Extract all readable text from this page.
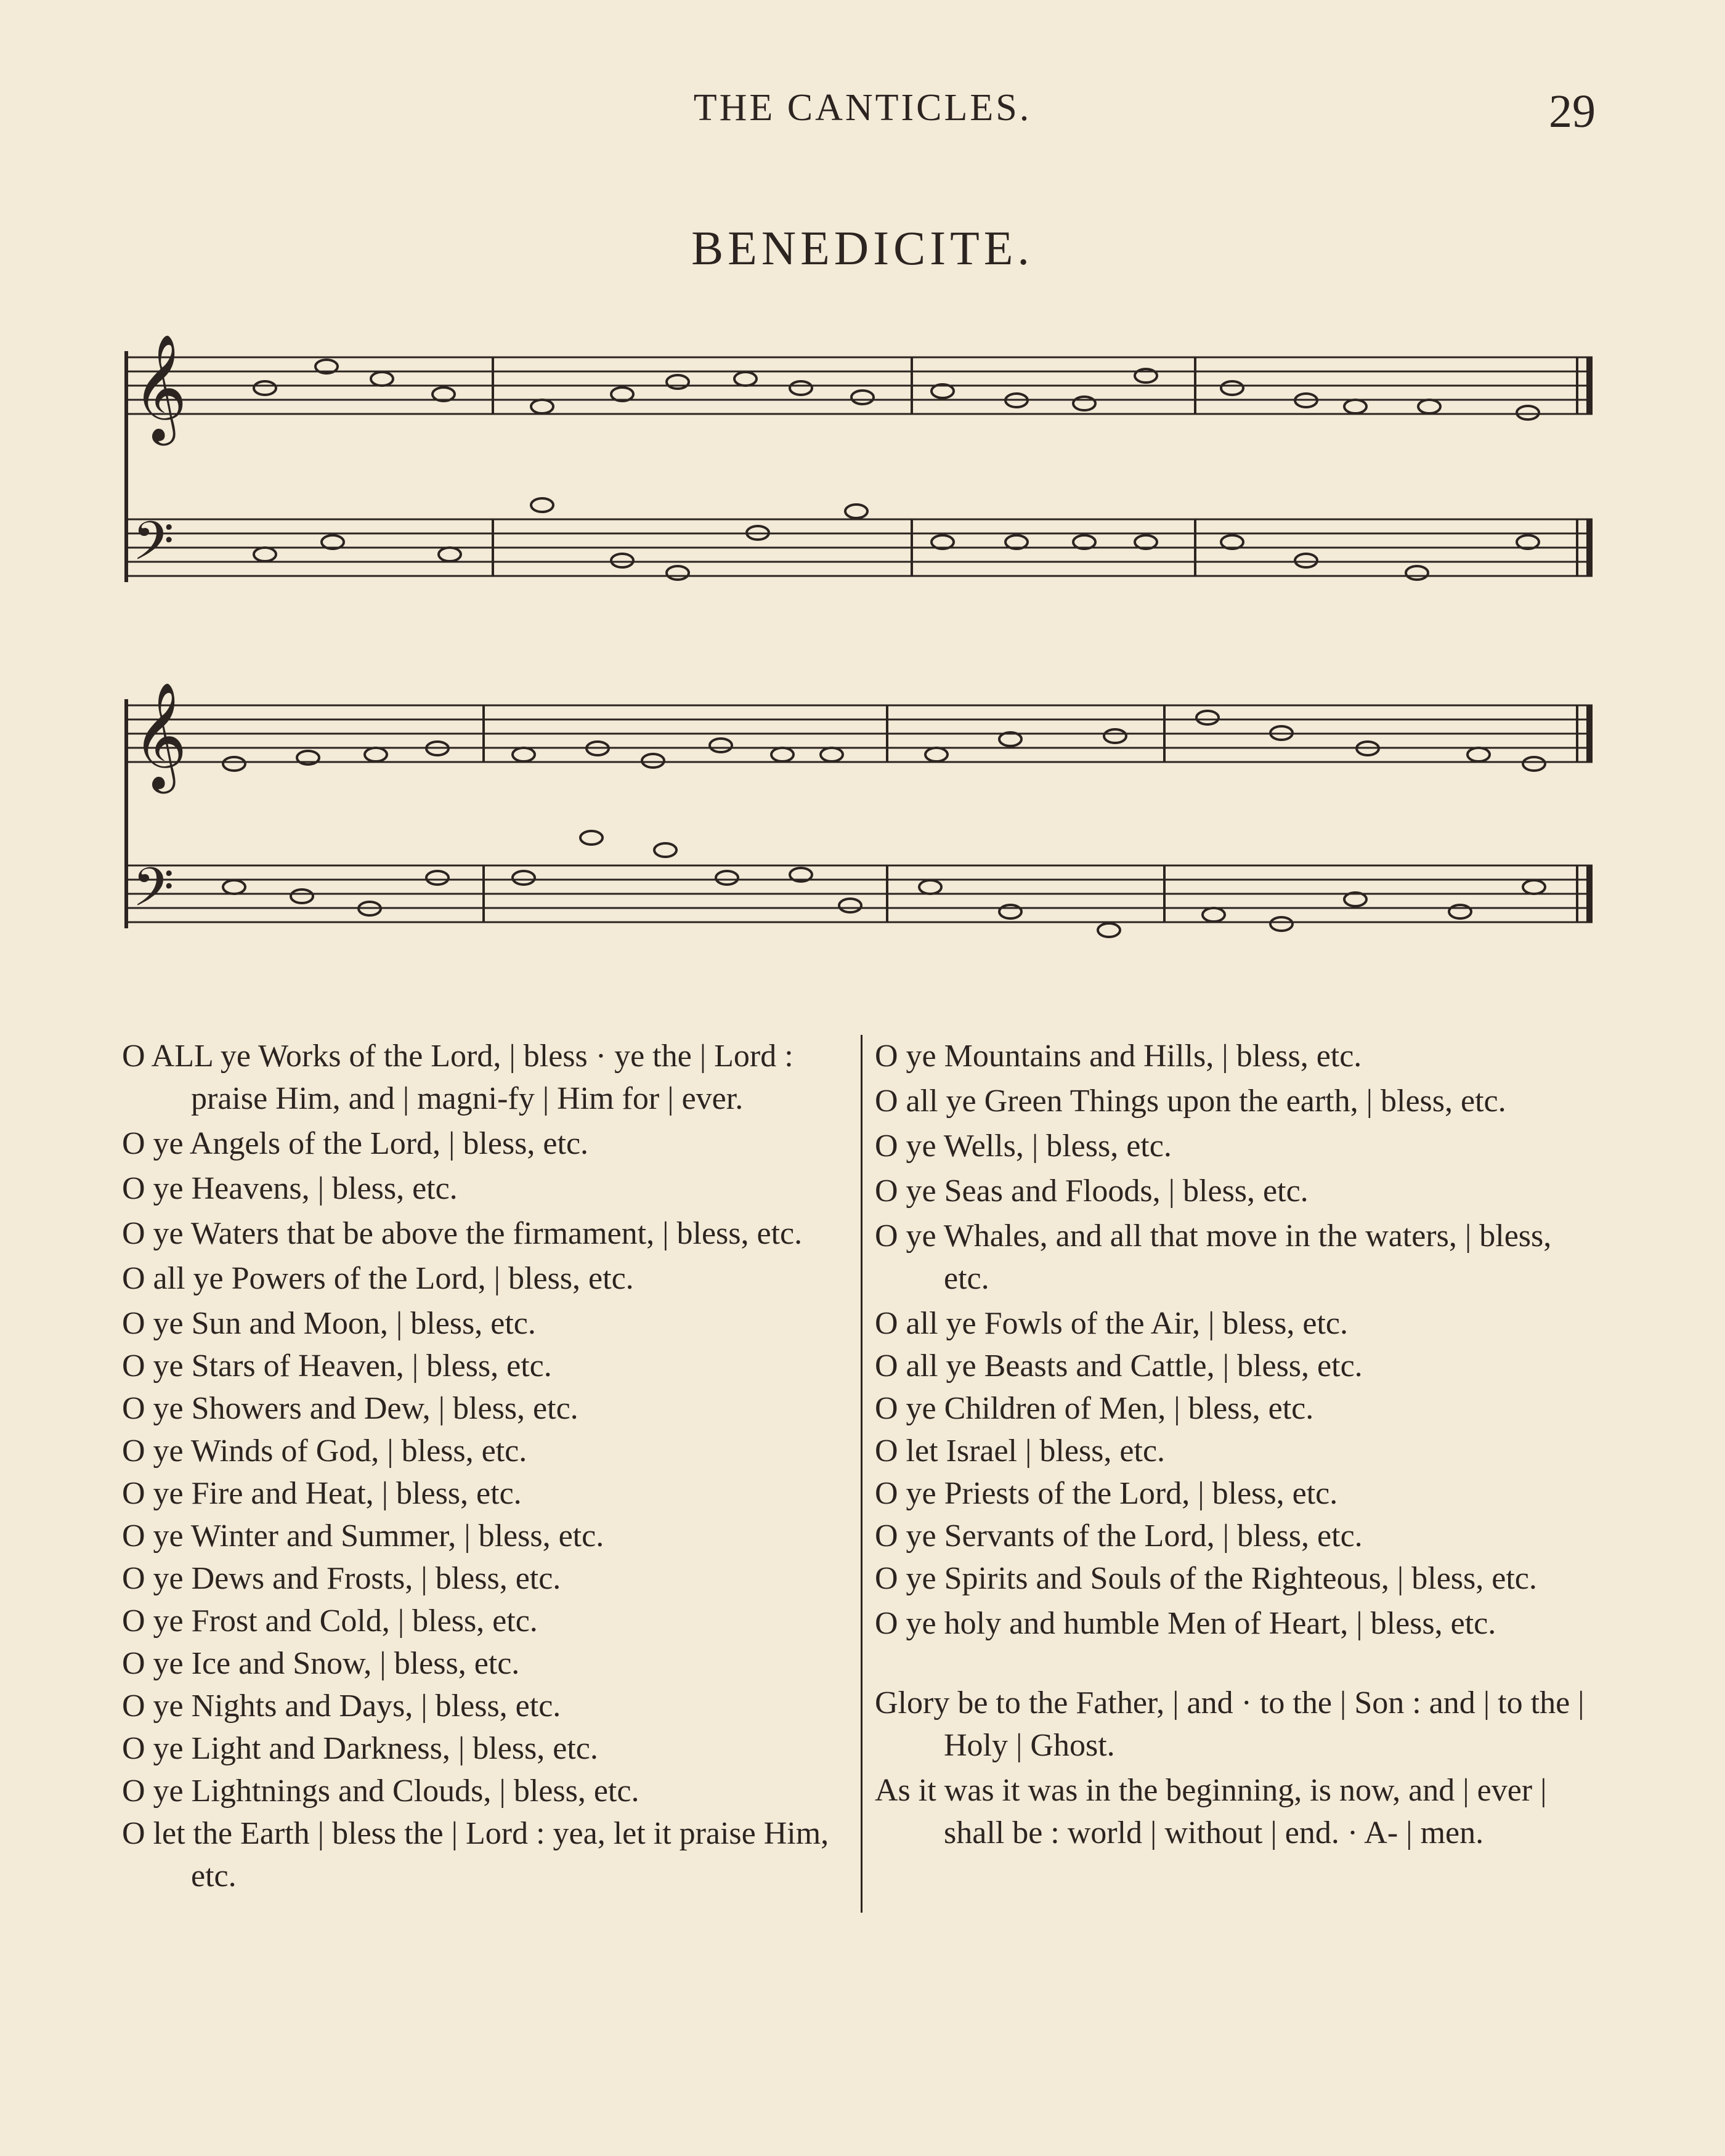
THE CANTICLES.	29
BENEDICITE.
𝄞
𝄢
𝄞
𝄢
O ALL ye Works of the Lord, | bless · ye the | Lord : praise Him, and | magni-fy | Him for | ever.
O ye Angels of the Lord, | bless, etc.
O ye Heavens, | bless, etc.
O ye Waters that be above the firmament, | bless, etc.
O all ye Powers of the Lord, | bless, etc.
O ye Sun and Moon, | bless, etc.
O ye Stars of Heaven, | bless, etc.
O ye Showers and Dew, | bless, etc.
O ye Winds of God, | bless, etc.
O ye Fire and Heat, | bless, etc.
O ye Winter and Summer, | bless, etc.
O ye Dews and Frosts, | bless, etc.
O ye Frost and Cold, | bless, etc.
O ye Ice and Snow, | bless, etc.
O ye Nights and Days, | bless, etc.
O ye Light and Darkness, | bless, etc.
O ye Lightnings and Clouds, | bless, etc.
O let the Earth | bless the | Lord : yea, let it praise Him, etc.
O ye Mountains and Hills, | bless, etc.
O all ye Green Things upon the earth, | bless, etc.
O ye Wells, | bless, etc.
O ye Seas and Floods, | bless, etc.
O ye Whales, and all that move in the waters, | bless, etc.
O all ye Fowls of the Air, | bless, etc.
O all ye Beasts and Cattle, | bless, etc.
O ye Children of Men, | bless, etc.
O let Israel | bless, etc.
O ye Priests of the Lord, | bless, etc.
O ye Servants of the Lord, | bless, etc.
O ye Spirits and Souls of the Righteous, | bless, etc.
O ye holy and humble Men of Heart, | bless, etc.
Glory be to the Father, | and · to the | Son : and | to the | Holy | Ghost.
As it was it was in the beginning, is now, and | ever | shall be : world | without | end. · A- | men.
